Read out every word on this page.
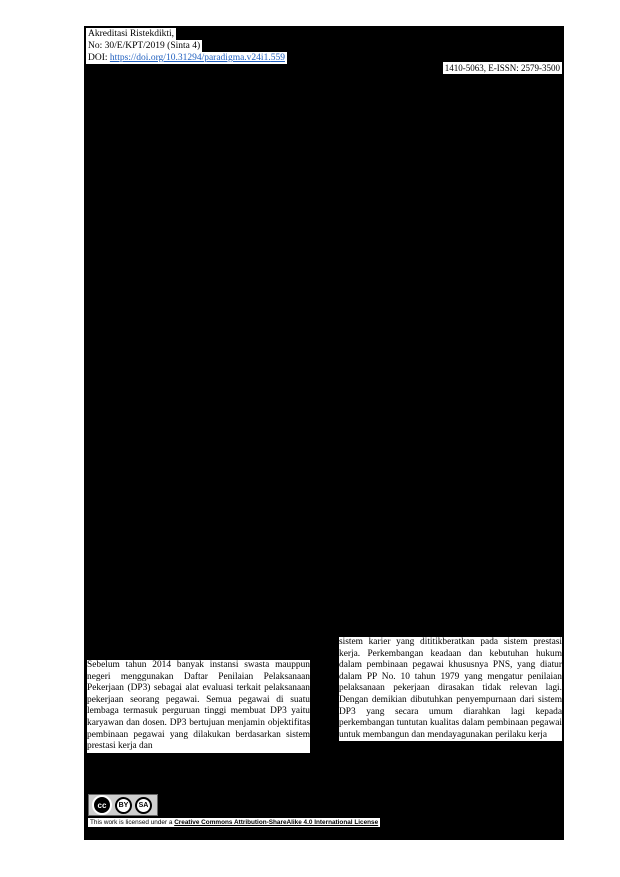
Akreditasi Ristekdikti,
No: 30/E/KPT/2019 (Sinta 4)
DOI: https://doi.org/10.31294/paradigma.v24i1.559
1410-5063, E-ISSN: 2579-3500

Sebelum tahun 2014 banyak instansi swasta mauppun negeri menggunakan Daftar Penilaian Pelaksanaan Pekerjaan (DP3) sebagai alat evaluasi terkait pelaksanaan pekerjaan seorang pegawai. Semua pegawai di suatu lembaga termasuk perguruan tinggi membuat DP3 yaitu karyawan dan dosen. DP3 bertujuan menjamin objektifitas pembinaan pegawai yang dilakukan berdasarkan sistem prestasi kerja dan

sistem karier yang dititikberatkan pada sistem prestasi kerja. Perkembangan keadaan dan kebutuhan hukum dalam pembinaan pegawai khususnya PNS, yang diatur dalam PP No. 10 tahun 1979 yang mengatur penilaian pelaksanaan pekerjaan dirasakan tidak relevan lagi. Dengan demikian dibutuhkan penyempurnaan dari sistem DP3 yang secara umum diarahkan lagi kepada perkembangan tuntutan kualitas dalam pembinaan pegawai untuk membangun dan mendayagunakan perilaku kerja

cc	BY	SA
This work is licensed under a Creative Commons Attribution-ShareAlike 4.0 International License
